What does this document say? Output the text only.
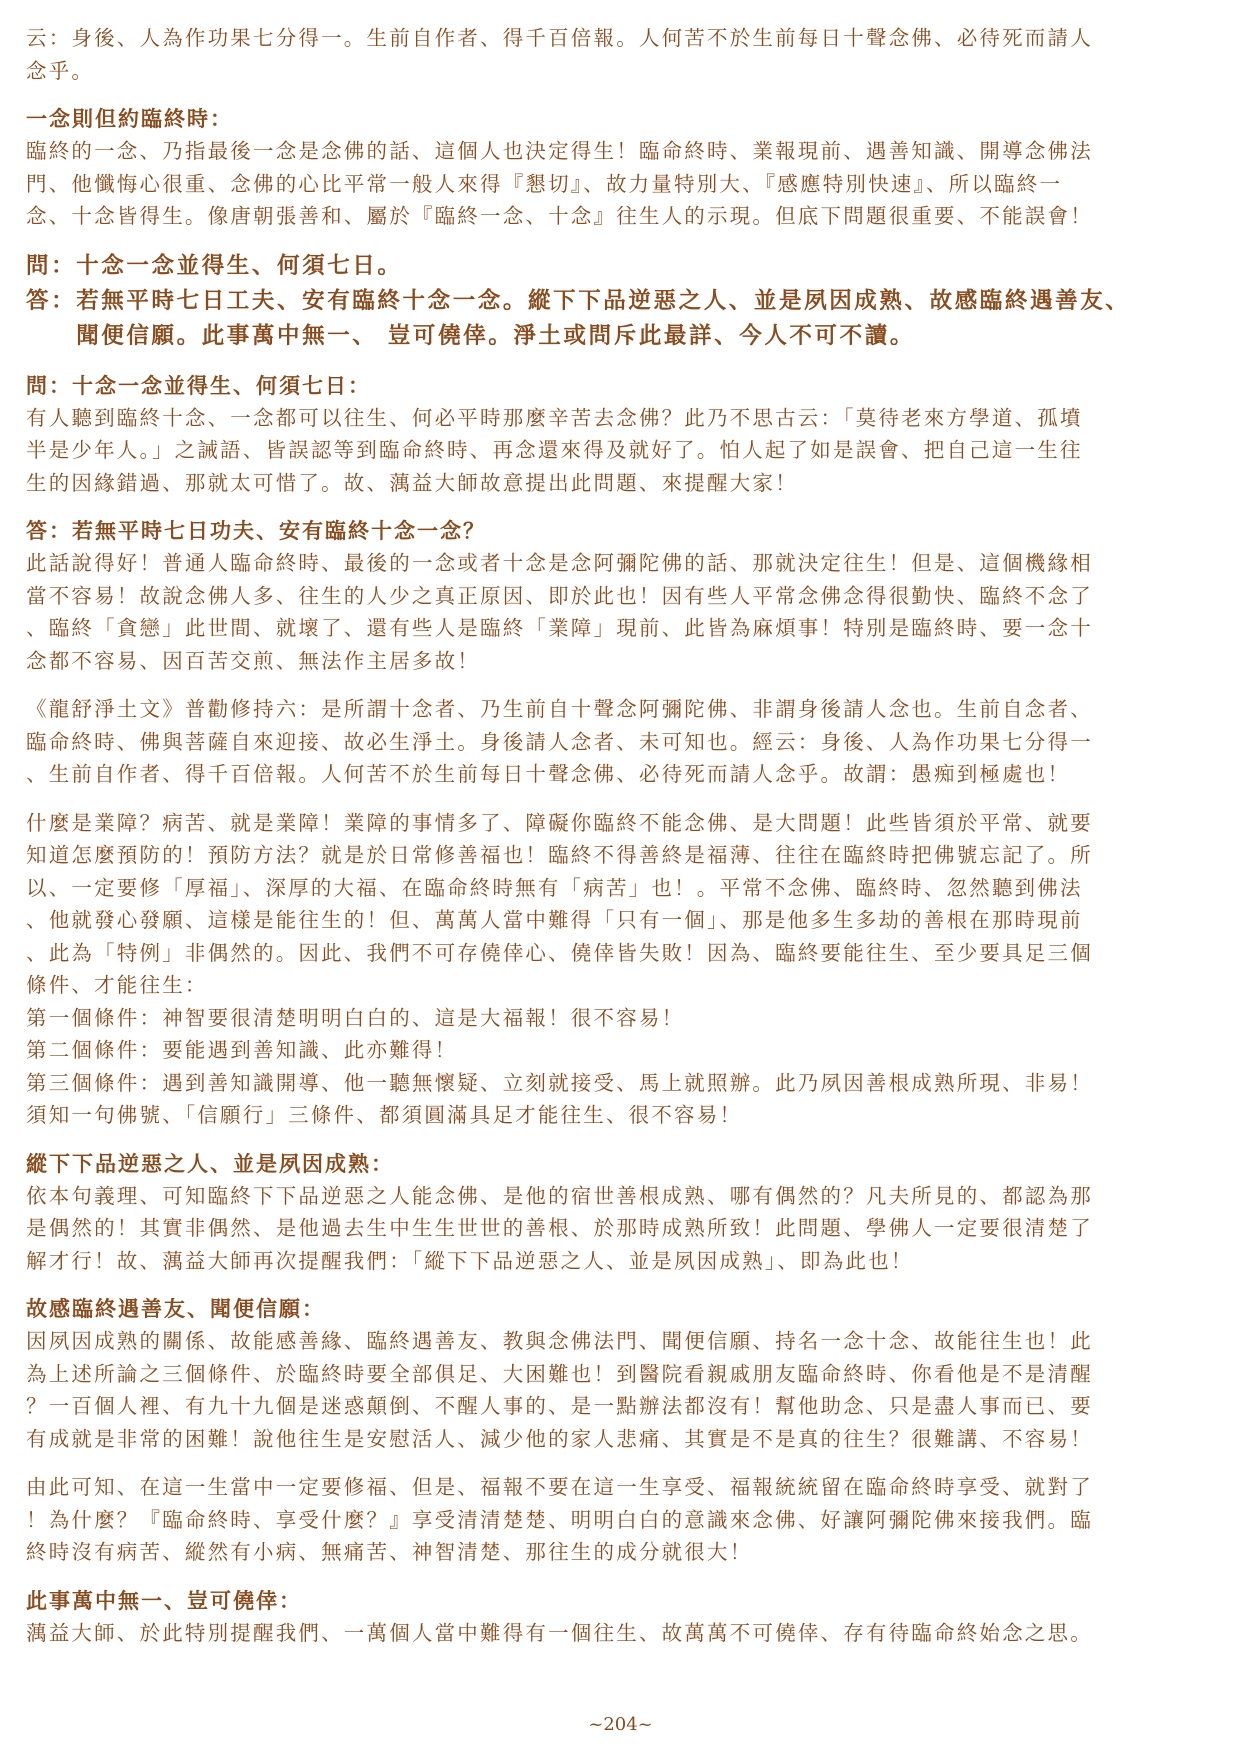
云：身後、人為作功果七分得一。生前自作者、得千百倍報。人何苦不於生前每日十聲念佛、必待死而請人
念乎。

一念則但約臨終時：

臨終的一念、乃指最後一念是念佛的話、這個人也決定得生！臨命終時、業報現前、遇善知識、開導念佛法
門、他懺悔心很重、念佛的心比平常一般人來得『懇切』、故力量特別大、『感應特別快速』、所以臨終一
念、十念皆得生。像唐朝張善和、屬於『臨終一念、十念』往生人的示現。但底下問題很重要、不能誤會！

問： 十念一念並得生、何須七日。
答： 若無平時七日工夫、安有臨終十念一念。縱下下品逆惡之人、並是夙因成熟、故感臨終遇善友、
聞便信願。此事萬中無一、 豈可僥倖。淨土或問斥此最詳、今人不可不讀。
問：十念一念並得生、何須七日：

有人聽到臨終十念、一念都可以往生、何必平時那麼辛苦去念佛？此乃不思古云：「莫待老來方學道、孤墳
半是少年人。」之誡語、皆誤認等到臨命終時、再念還來得及就好了。怕人起了如是誤會、把自己這一生往
生的因緣錯過、那就太可惜了。故、蕅益大師故意提出此問題、來提醒大家！

答：若無平時七日功夫、安有臨終十念一念？

此話說得好！普通人臨命終時、最後的一念或者十念是念阿彌陀佛的話、那就決定往生！但是、這個機緣相
當不容易！故說念佛人多、往生的人少之真正原因、即於此也！因有些人平常念佛念得很勤快、臨終不念了
、臨終「貪戀」此世間、就壞了、還有些人是臨終「業障」現前、此皆為麻煩事！特別是臨終時、要一念十
念都不容易、因百苦交煎、無法作主居多故！

《龍舒淨土文》普勸修持六：是所謂十念者、乃生前自十聲念阿彌陀佛、非謂身後請人念也。生前自念者、
臨命終時、佛與菩薩自來迎接、故必生淨土。身後請人念者、未可知也。經云：身後、人為作功果七分得一
、生前自作者、得千百倍報。人何苦不於生前每日十聲念佛、必待死而請人念乎。故謂：愚痴到極處也！

什麼是業障？病苦、就是業障！業障的事情多了、障礙你臨終不能念佛、是大問題！此些皆須於平常、就要
知道怎麼預防的！預防方法？就是於日常修善福也！臨終不得善終是福薄、往往在臨終時把佛號忘記了。所
以、一定要修「厚福」、深厚的大福、在臨命終時無有「病苦」也！。平常不念佛、臨終時、忽然聽到佛法
、他就發心發願、這樣是能往生的！但、萬萬人當中難得「只有一個」、那是他多生多劫的善根在那時現前
、此為「特例」非偶然的。因此、我們不可存僥倖心、僥倖皆失敗！因為、臨終要能往生、至少要具足三個
條件、才能往生：

第一個條件：神智要很清楚明明白白的、這是大福報！很不容易！

第二個條件：要能遇到善知識、此亦難得！

第三個條件：遇到善知識開導、他一聽無懷疑、立刻就接受、馬上就照辦。此乃夙因善根成熟所現、非易！
須知一句佛號、「信願行」三條件、都須圓滿具足才能往生、很不容易！

縱下下品逆惡之人、並是夙因成熟：

依本句義理、可知臨終下下品逆惡之人能念佛、是他的宿世善根成熟、哪有偶然的？凡夫所見的、都認為那
是偶然的！其實非偶然、是他過去生中生生世世的善根、於那時成熟所致！此問題、學佛人一定要很清楚了
解才行！故、蕅益大師再次提醒我們：「縱下下品逆惡之人、並是夙因成熟」、即為此也！

故感臨終遇善友、聞便信願：

因夙因成熟的關係、故能感善緣、臨終遇善友、教與念佛法門、聞便信願、持名一念十念、故能往生也！此
為上述所論之三個條件、於臨終時要全部俱足、大困難也！到醫院看親戚朋友臨命終時、你看他是不是清醒
？一百個人裡、有九十九個是迷惑顛倒、不醒人事的、是一點辦法都沒有！幫他助念、只是盡人事而已、要
有成就是非常的困難！說他往生是安慰活人、減少他的家人悲痛、其實是不是真的往生？很難講、不容易！

由此可知、在這一生當中一定要修福、但是、福報不要在這一生享受、福報統統留在臨命終時享受、就對了
！為什麼？『臨命終時、享受什麼？』享受清清楚楚、明明白白的意識來念佛、好讓阿彌陀佛來接我們。臨
終時沒有病苦、縱然有小病、無痛苦、神智清楚、那往生的成分就很大！

此事萬中無一、豈可僥倖：

蕅益大師、於此特別提醒我們、一萬個人當中難得有一個往生、故萬萬不可僥倖、存有待臨命終始念之思。

~204~
